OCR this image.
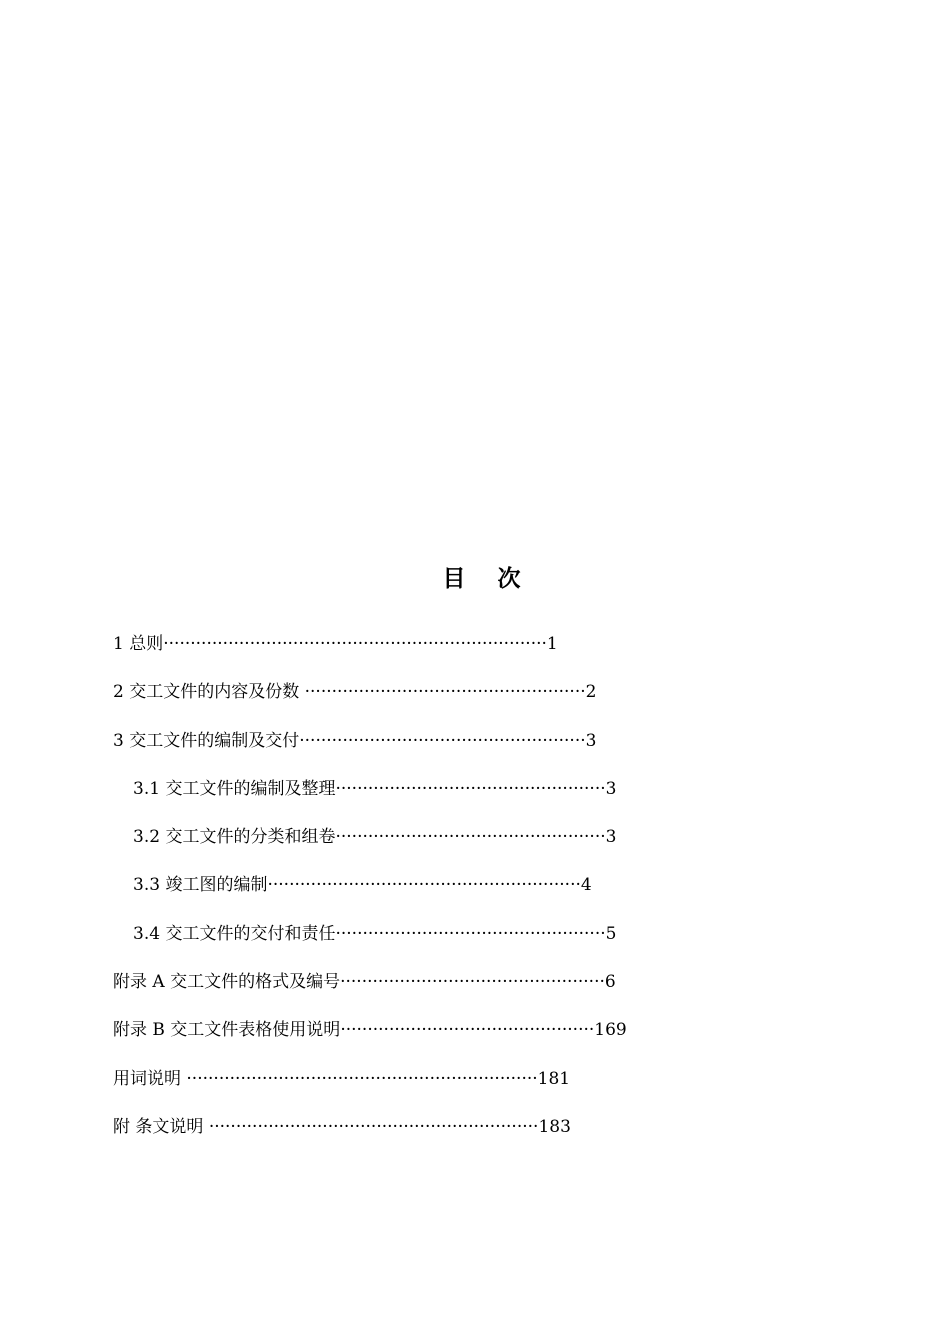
目 次
1 总则·······································································1
2 交工文件的内容及份数 ····················································2
3 交工文件的编制及交付·····················································3
3.1 交工文件的编制及整理··················································3
3.2 交工文件的分类和组卷··················································3
3.3 竣工图的编制··························································4
3.4 交工文件的交付和责任··················································5
附录 A 交工文件的格式及编号·················································6
附录 B 交工文件表格使用说明···············································169
用词说明 ·································································181
附 条文说明 ·····························································183
